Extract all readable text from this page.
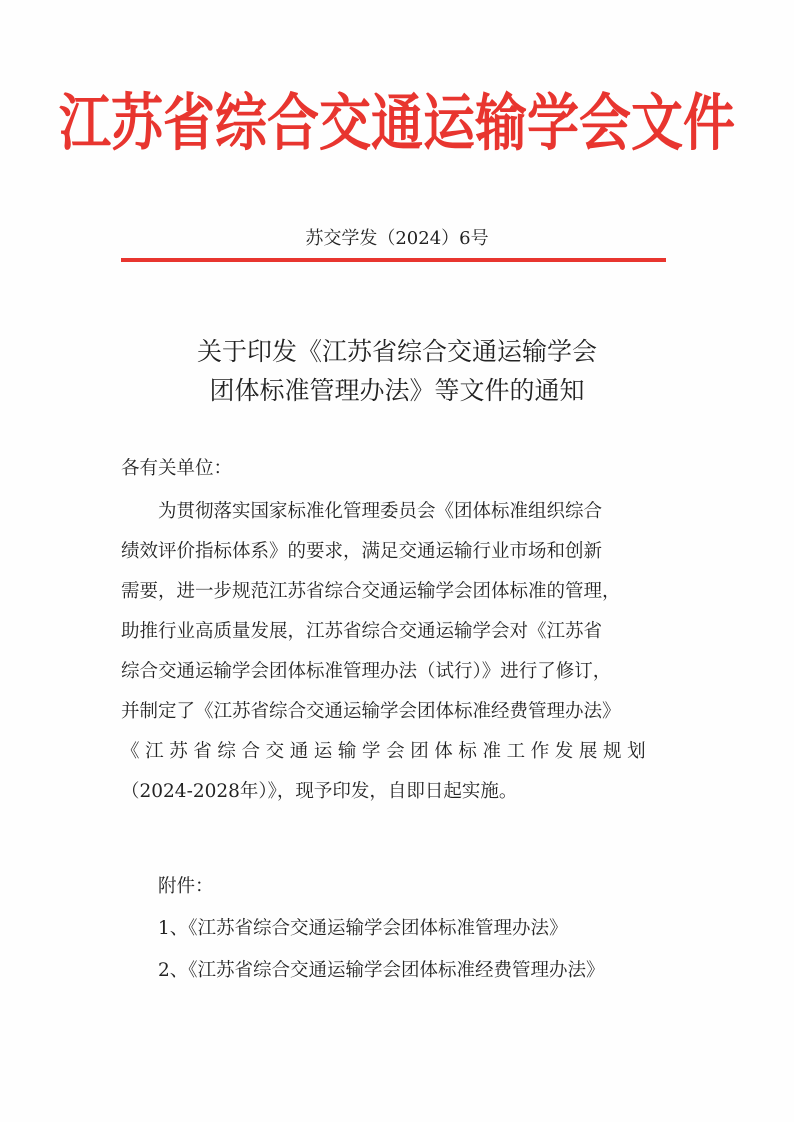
江苏省综合交通运输学会文件
苏交学发（2024）6号
关于印发《江苏省综合交通运输学会
团体标准管理办法》等文件的通知
各有关单位：
为贯彻落实国家标准化管理委员会《团体标准组织综合
绩效评价指标体系》的要求，满足交通运输行业市场和创新
需要，进一步规范江苏省综合交通运输学会团体标准的管理，
助推行业高质量发展，江苏省综合交通运输学会对《江苏省
综合交通运输学会团体标准管理办法（试行）》进行了修订，
并制定了《江苏省综合交通运输学会团体标准经费管理办法》
《江苏省综合交通运输学会团体标准工作发展规划
（2024-2028年）》，现予印发，自即日起实施。
附件：
1、《江苏省综合交通运输学会团体标准管理办法》
2、《江苏省综合交通运输学会团体标准经费管理办法》
